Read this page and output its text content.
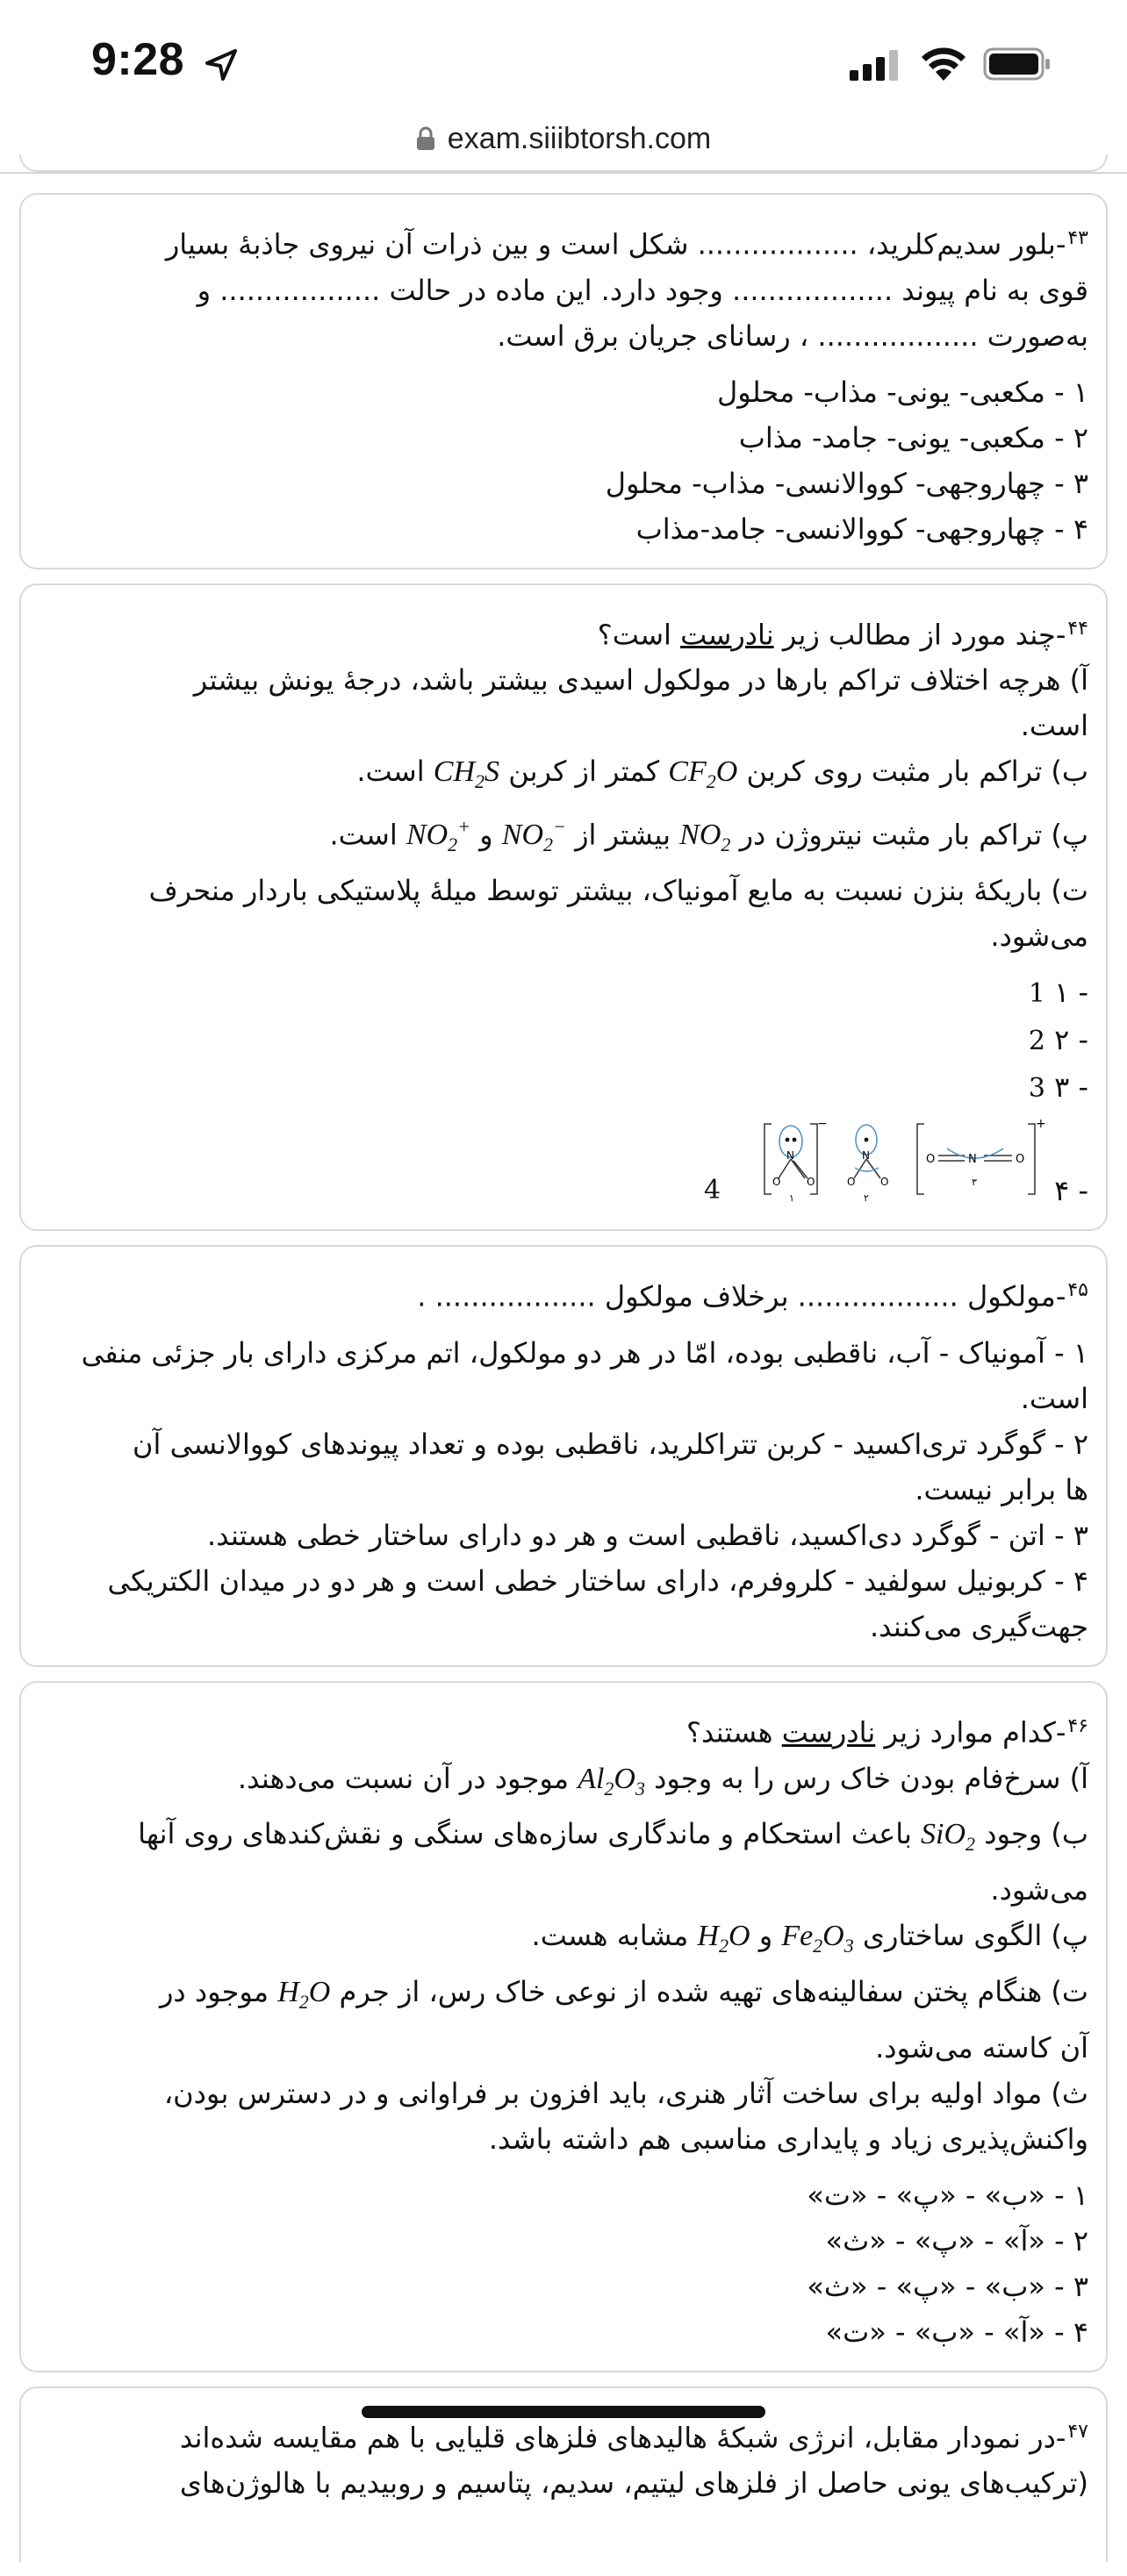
9:28
exam.siiibtorsh.com
$^{۴۳}$-بلور سدیم‌کلرید، .................. شکل است و بین ذرات آن نیروی جاذبهٔ بسیار
قوی به نام پیوند .................. وجود دارد. این ماده در حالت .................. و
به‌صورت .................. ، رسانای جریان برق است.
۱ - مکعبی- یونی- مذاب- محلول
۲ - مکعبی- یونی- جامد- مذاب
۳ - چهاروجهی- کووالانسی- مذاب- محلول
۴ - چهاروجهی- کووالانسی- جامد-مذاب
$^{۴۴}$-چند مورد از مطالب زیر نادرست است؟
آ) هرچه اختلاف تراکم بارها در مولکول اسیدی بیشتر باشد، درجهٔ یونش بیشتر
است.
ب) تراکم بار مثبت روی کربن $CF_2O$ کمتر از کربن $CH_2S$ است.
پ) تراکم بار مثبت نیتروژن در $NO_2$ بیشتر از $NO_2^-$ و $NO_2^+$ است.
ت) باریکهٔ بنزن نسبت به مایع آمونیاک، بیشتر توسط میلهٔ پلاستیکی باردار منحرف
می‌شود.
- ۱ 1
- ۲ 2
- ۳ 3
- ۴
N
O O
۱
−
N
O O
۲
O	N	O
۳
+
4
$^{۴۵}$-مولکول .................. برخلاف مولکول .................. .
۱ - آمونیاک - آب، ناقطبی بوده، امّا در هر دو مولکول، اتم مرکزی دارای بار جزئی منفی
است.
۲ - گوگرد تری‌اکسید - کربن تتراکلرید، ناقطبی بوده و تعداد پیوندهای کووالانسی آن
ها برابر نیست.
۳ - اتن - گوگرد دی‌اکسید، ناقطبی است و هر دو دارای ساختار خطی هستند.
۴ - کربونیل سولفید - کلروفرم، دارای ساختار خطی است و هر دو در میدان الکتریکی
جهت‌گیری می‌کنند.
$^{۴۶}$-کدام موارد زیر نادرست هستند؟
آ) سرخ‌فام بودن خاک رس را به وجود $Al_2O_3$ موجود در آن نسبت می‌دهند.
ب) وجود SiO$_2$ باعث استحکام و ماندگاری سازه‌های سنگی و نقش‌کندهای روی آنها
می‌شود.
پ) الگوی ساختاری $Fe_2O_3$ و $H_2O$ مشابه هست.
ت) هنگام پختن سفالینه‌های تهیه شده از نوعی خاک رس، از جرم $H_2O$ موجود در
آن کاسته می‌شود.
ث) مواد اولیه برای ساخت آثار هنری، باید افزون بر فراوانی و در دسترس بودن،
واکنش‌پذیری زیاد و پایداری مناسبی هم داشته باشد.
۱ - «ب» - «پ» - «ت»
۲ - «آ» - «پ» - «ث»
۳ - «ب» - «پ» - «ث»
۴ - «آ» - «ب» - «ت»
$^{۴۷}$-در نمودار مقابل، انرژی شبکهٔ هالیدهای فلزهای قلیایی با هم مقایسه شده‌اند
(ترکیب‌های یونی حاصل از فلزهای لیتیم، سدیم، پتاسیم و روبیدیم با هالوژن‌های
